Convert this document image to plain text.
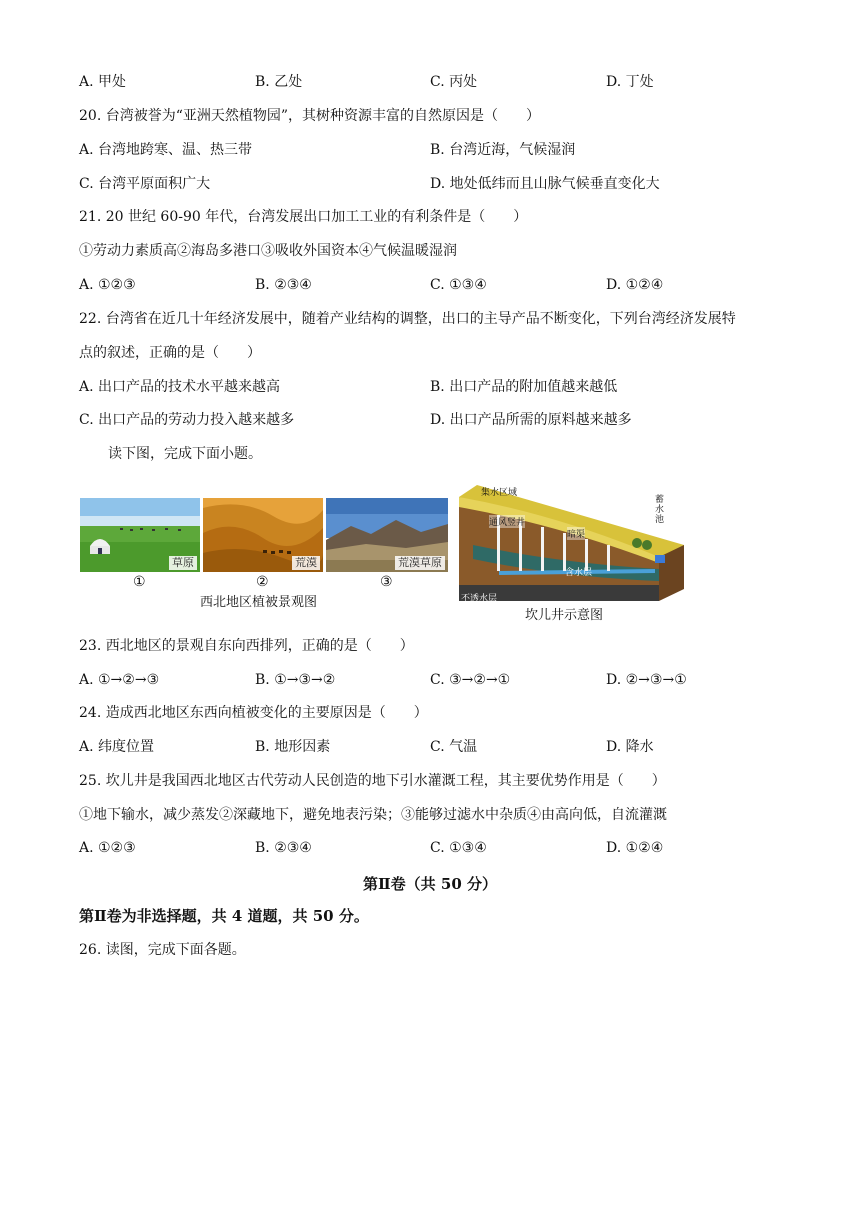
A. 甲处	B. 乙处	C. 丙处	D. 丁处
20. 台湾被誉为“亚洲天然植物园”，其树种资源丰富的自然原因是（　　）
A. 台湾地跨寒、温、热三带	B. 台湾近海，气候湿润
C. 台湾平原面积广大	D. 地处低纬而且山脉气候垂直变化大
21. 20 世纪 60-90 年代，台湾发展出口加工工业的有利条件是（　　）
①劳动力素质高②海岛多港口③吸收外国资本④气候温暖湿润
A. ①②③	B. ②③④	C. ①③④	D. ①②④
22. 台湾省在近几十年经济发展中，随着产业结构的调整，出口的主导产品不断变化，下列台湾经济发展特
点的叙述，正确的是（　　）
A. 出口产品的技术水平越来越高	B. 出口产品的附加值越来越低
C. 出口产品的劳动力投入越来越多	D. 出口产品所需的原料越来越多
读下图，完成下面小题。
草原	荒漠	荒漠草原
①	②	③
西北地区植被景观图
集水区域
通风竖井
暗渠
蓄水池
含水层
不透水层
坎儿井示意图
23. 西北地区的景观自东向西排列，正确的是（　　）
A. ①→②→③	B. ①→③→②	C. ③→②→①	D. ②→③→①
24. 造成西北地区东西向植被变化的主要原因是（　　）
A. 纬度位置	B. 地形因素	C. 气温	D. 降水
25. 坎儿井是我国西北地区古代劳动人民创造的地下引水灌溉工程，其主要优势作用是（　　）
①地下输水，减少蒸发②深藏地下，避免地表污染；③能够过滤水中杂质④由高向低，自流灌溉
A. ①②③	B. ②③④	C. ①③④	D. ①②④
第Ⅱ卷（共 50 分）
第Ⅱ卷为非选择题，共 4 道题，共 50 分。
26. 读图，完成下面各题。
